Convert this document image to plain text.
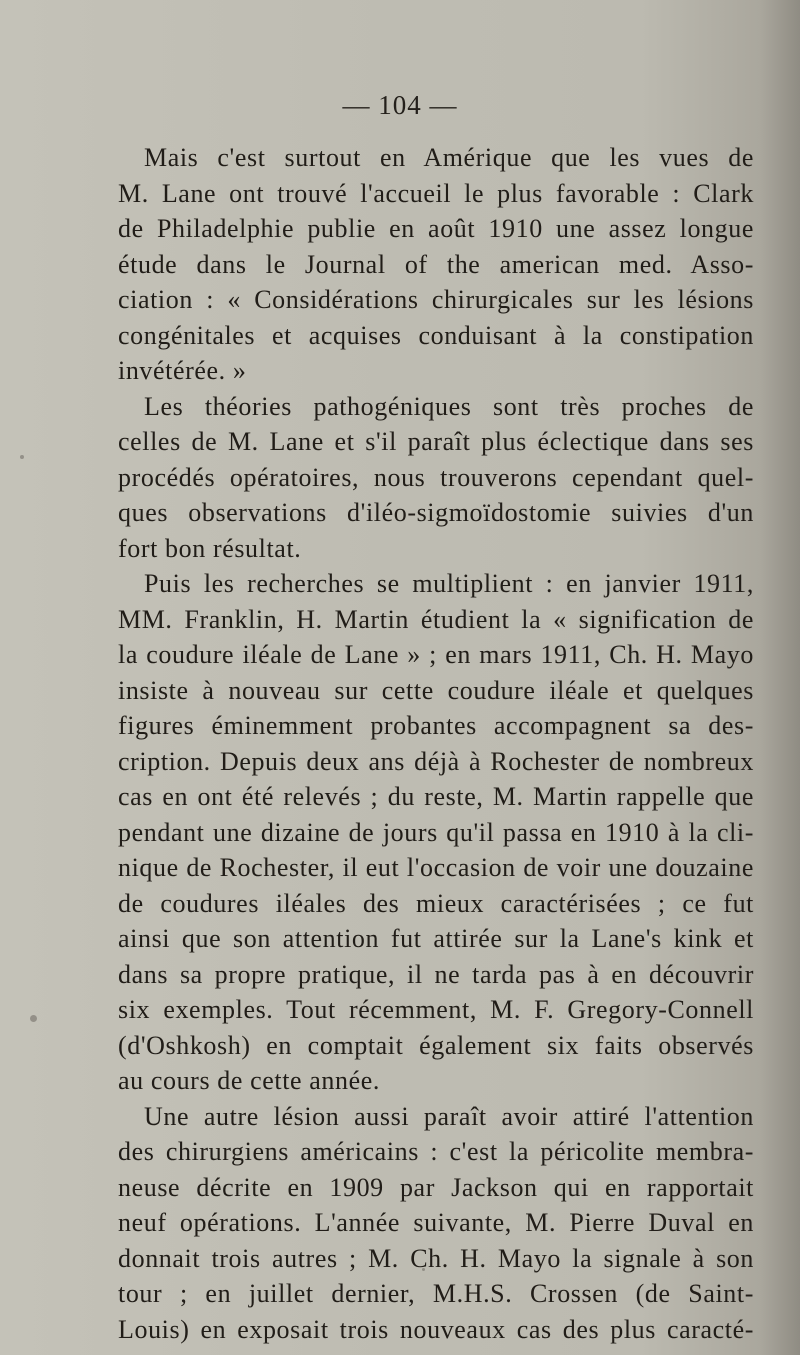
— 104 —

Mais c'est surtout en Amérique que les vues de
M. Lane ont trouvé l'accueil le plus favorable : Clark
de Philadelphie publie en août 1910 une assez longue
étude dans le Journal of the american med. Asso-
ciation : « Considérations chirurgicales sur les lésions
congénitales et acquises conduisant à la constipation
invétérée. »

Les théories pathogéniques sont très proches de
celles de M. Lane et s'il paraît plus éclectique dans ses
procédés opératoires, nous trouverons cependant quel-
ques observations d'iléo-sigmoïdostomie suivies d'un
fort bon résultat.

Puis les recherches se multiplient : en janvier 1911,
MM. Franklin, H. Martin étudient la « signification de
la coudure iléale de Lane » ; en mars 1911, Ch. H. Mayo
insiste à nouveau sur cette coudure iléale et quelques
figures éminemment probantes accompagnent sa des-
cription. Depuis deux ans déjà à Rochester de nombreux
cas en ont été relevés ; du reste, M. Martin rappelle que
pendant une dizaine de jours qu'il passa en 1910 à la cli-
nique de Rochester, il eut l'occasion de voir une douzaine
de coudures iléales des mieux caractérisées ; ce fut
ainsi que son attention fut attirée sur la Lane's kink et
dans sa propre pratique, il ne tarda pas à en découvrir
six exemples. Tout récemment, M. F. Gregory-Connell
(d'Oshkosh) en comptait également six faits observés
au cours de cette année.

Une autre lésion aussi paraît avoir attiré l'attention
des chirurgiens américains : c'est la péricolite membra-
neuse décrite en 1909 par Jackson qui en rapportait
neuf opérations. L'année suivante, M. Pierre Duval en
donnait trois autres ; M. Ch. H. Mayo la signale à son
tour ; en juillet dernier, M.H.S. Crossen (de Saint-
Louis) en exposait trois nouveaux cas des plus caracté-
